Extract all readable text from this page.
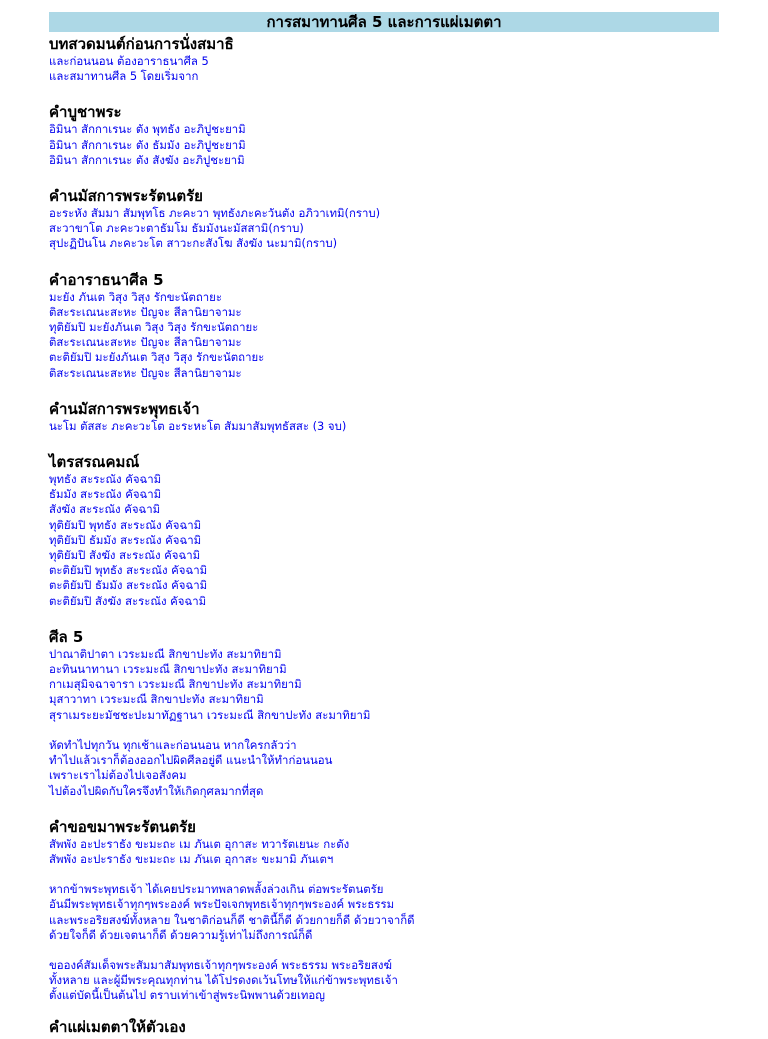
การสมาทานศีล 5 และการแผ่เมตตา
บทสวดมนต์ก่อนการนั่งสมาธิ
และก่อนนอน ต้องอาราธนาศีล 5
และสมาทานศีล 5 โดยเริ่มจาก
คำบูชาพระ
อิมินา สักกาเรนะ ตัง พุทธัง อะภิปูชะยามิ
อิมินา สักกาเรนะ ตัง ธัมมัง อะภิปูชะยามิ
อิมินา สักกาเรนะ ตัง สังฆัง อะภิปูชะยามิ
คำนมัสการพระรัตนตรัย
อะระหัง สัมมา สัมพุทโธ ภะคะวา พุทธังภะคะวันตัง อภิวาเทมิ(กราบ)
สะวาขาโต ภะคะวะตาธัมโม ธัมมังนะมัสสามิ(กราบ)
สุปะฏิปันโน ภะคะวะโต สาวะกะสังโฆ สังฆัง นะมามิ(กราบ)
คำอาราธนาศีล 5
มะยัง ภันเต วิสุง วิสุง รักขะนัตถายะ
ติสะระเณนะสะหะ ปัญจะ สีลานิยาจามะ
ทุติยัมปิ มะยังภันเต วิสุง วิสุง รักขะนัตถายะ
ติสะระเณนะสะหะ ปัญจะ สีลานิยาจามะ
ตะติยัมปิ มะยังภันเต วิสุง วิสุง รักขะนัตถายะ
ติสะระเณนะสะหะ ปัญจะ สีลานิยาจามะ
คำนมัสการพระพุทธเจ้า
นะโม ตัสสะ ภะคะวะโต อะระหะโต สัมมาสัมพุทธัสสะ (3 จบ)
ไตรสรณคมณ์
พุทธัง สะระณัง คัจฉามิ
ธัมมัง สะระณัง คัจฉามิ
สังฆัง สะระณัง คัจฉามิ
ทุติยัมปิ พุทธัง สะระณัง คัจฉามิ
ทุติยัมปิ ธัมมัง สะระณัง คัจฉามิ
ทุติยัมปิ สังฆัง สะระณัง คัจฉามิ
ตะติยัมปิ พุทธัง สะระณัง คัจฉามิ
ตะติยัมปิ ธัมมัง สะระณัง คัจฉามิ
ตะติยัมปิ สังฆัง สะระณัง คัจฉามิ
ศีล 5
ปาณาติปาตา เวระมะณี สิกขาปะทัง สะมาทิยามิ
อะทินนาทานา เวระมะณี สิกขาปะทัง สะมาทิยามิ
กาเมสุมิจฉาจารา เวระมะณี สิกขาปะทัง สะมาทิยามิ
มุสาวาทา เวระมะณี สิกขาปะทัง สะมาทิยามิ
สุราเมระยะมัชชะปะมาทัฏฐานา เวระมะณี สิกขาปะทัง สะมาทิยามิ
หัดทำไปทุกวัน ทุกเช้าและก่อนนอน หากใครกลัวว่า
ทำไปแล้วเราก็ต้องออกไปผิดศีลอยู่ดี แนะนำให้ทำก่อนนอน
เพราะเราไม่ต้องไปเจอสังคม
ไปต้องไปผิดกับใครจึงทำให้เกิดกุศลมากที่สุด
คำขอขมาพระรัตนตรัย
สัพพัง อะปะราธัง ขะมะถะ เม ภันเต อุกาสะ ทวารัตเยนะ กะตัง
สัพพัง อะปะราธัง ขะมะถะ เม ภันเต อุกาสะ ขะมามิ ภันเตฯ
หากข้าพระพุทธเจ้า ได้เคยประมาทพลาดพลั้งล่วงเกิน ต่อพระรัตนตรัย
อันมีพระพุทธเจ้าทุกๆพระองค์ พระปัจเจกพุทธเจ้าทุกๆพระองค์ พระธรรม
และพระอริยสงฆ์ทั้งหลาย ในชาติก่อนก็ดี ชาตินี้ก็ดี ด้วยกายก็ดี ด้วยวาจาก็ดี
ด้วยใจก็ดี ด้วยเจตนาก็ดี ด้วยความรู้เท่าไม่ถึงการณ์ก็ดี
ขอองค์สัมเด็จพระสัมมาสัมพุทธเจ้าทุกๆพระองค์ พระธรรม พระอริยสงฆ์
ทั้งหลาย และผู้มีพระคุณทุกท่าน ได้โปรดงดเว้นโทษให้แก่ข้าพระพุทธเจ้า
ตั้งแต่บัดนี้เป็นต้นไป ตราบเท่าเข้าสู่พระนิพพานด้วยเทอญ
คำแผ่เมตตาให้ตัวเอง
